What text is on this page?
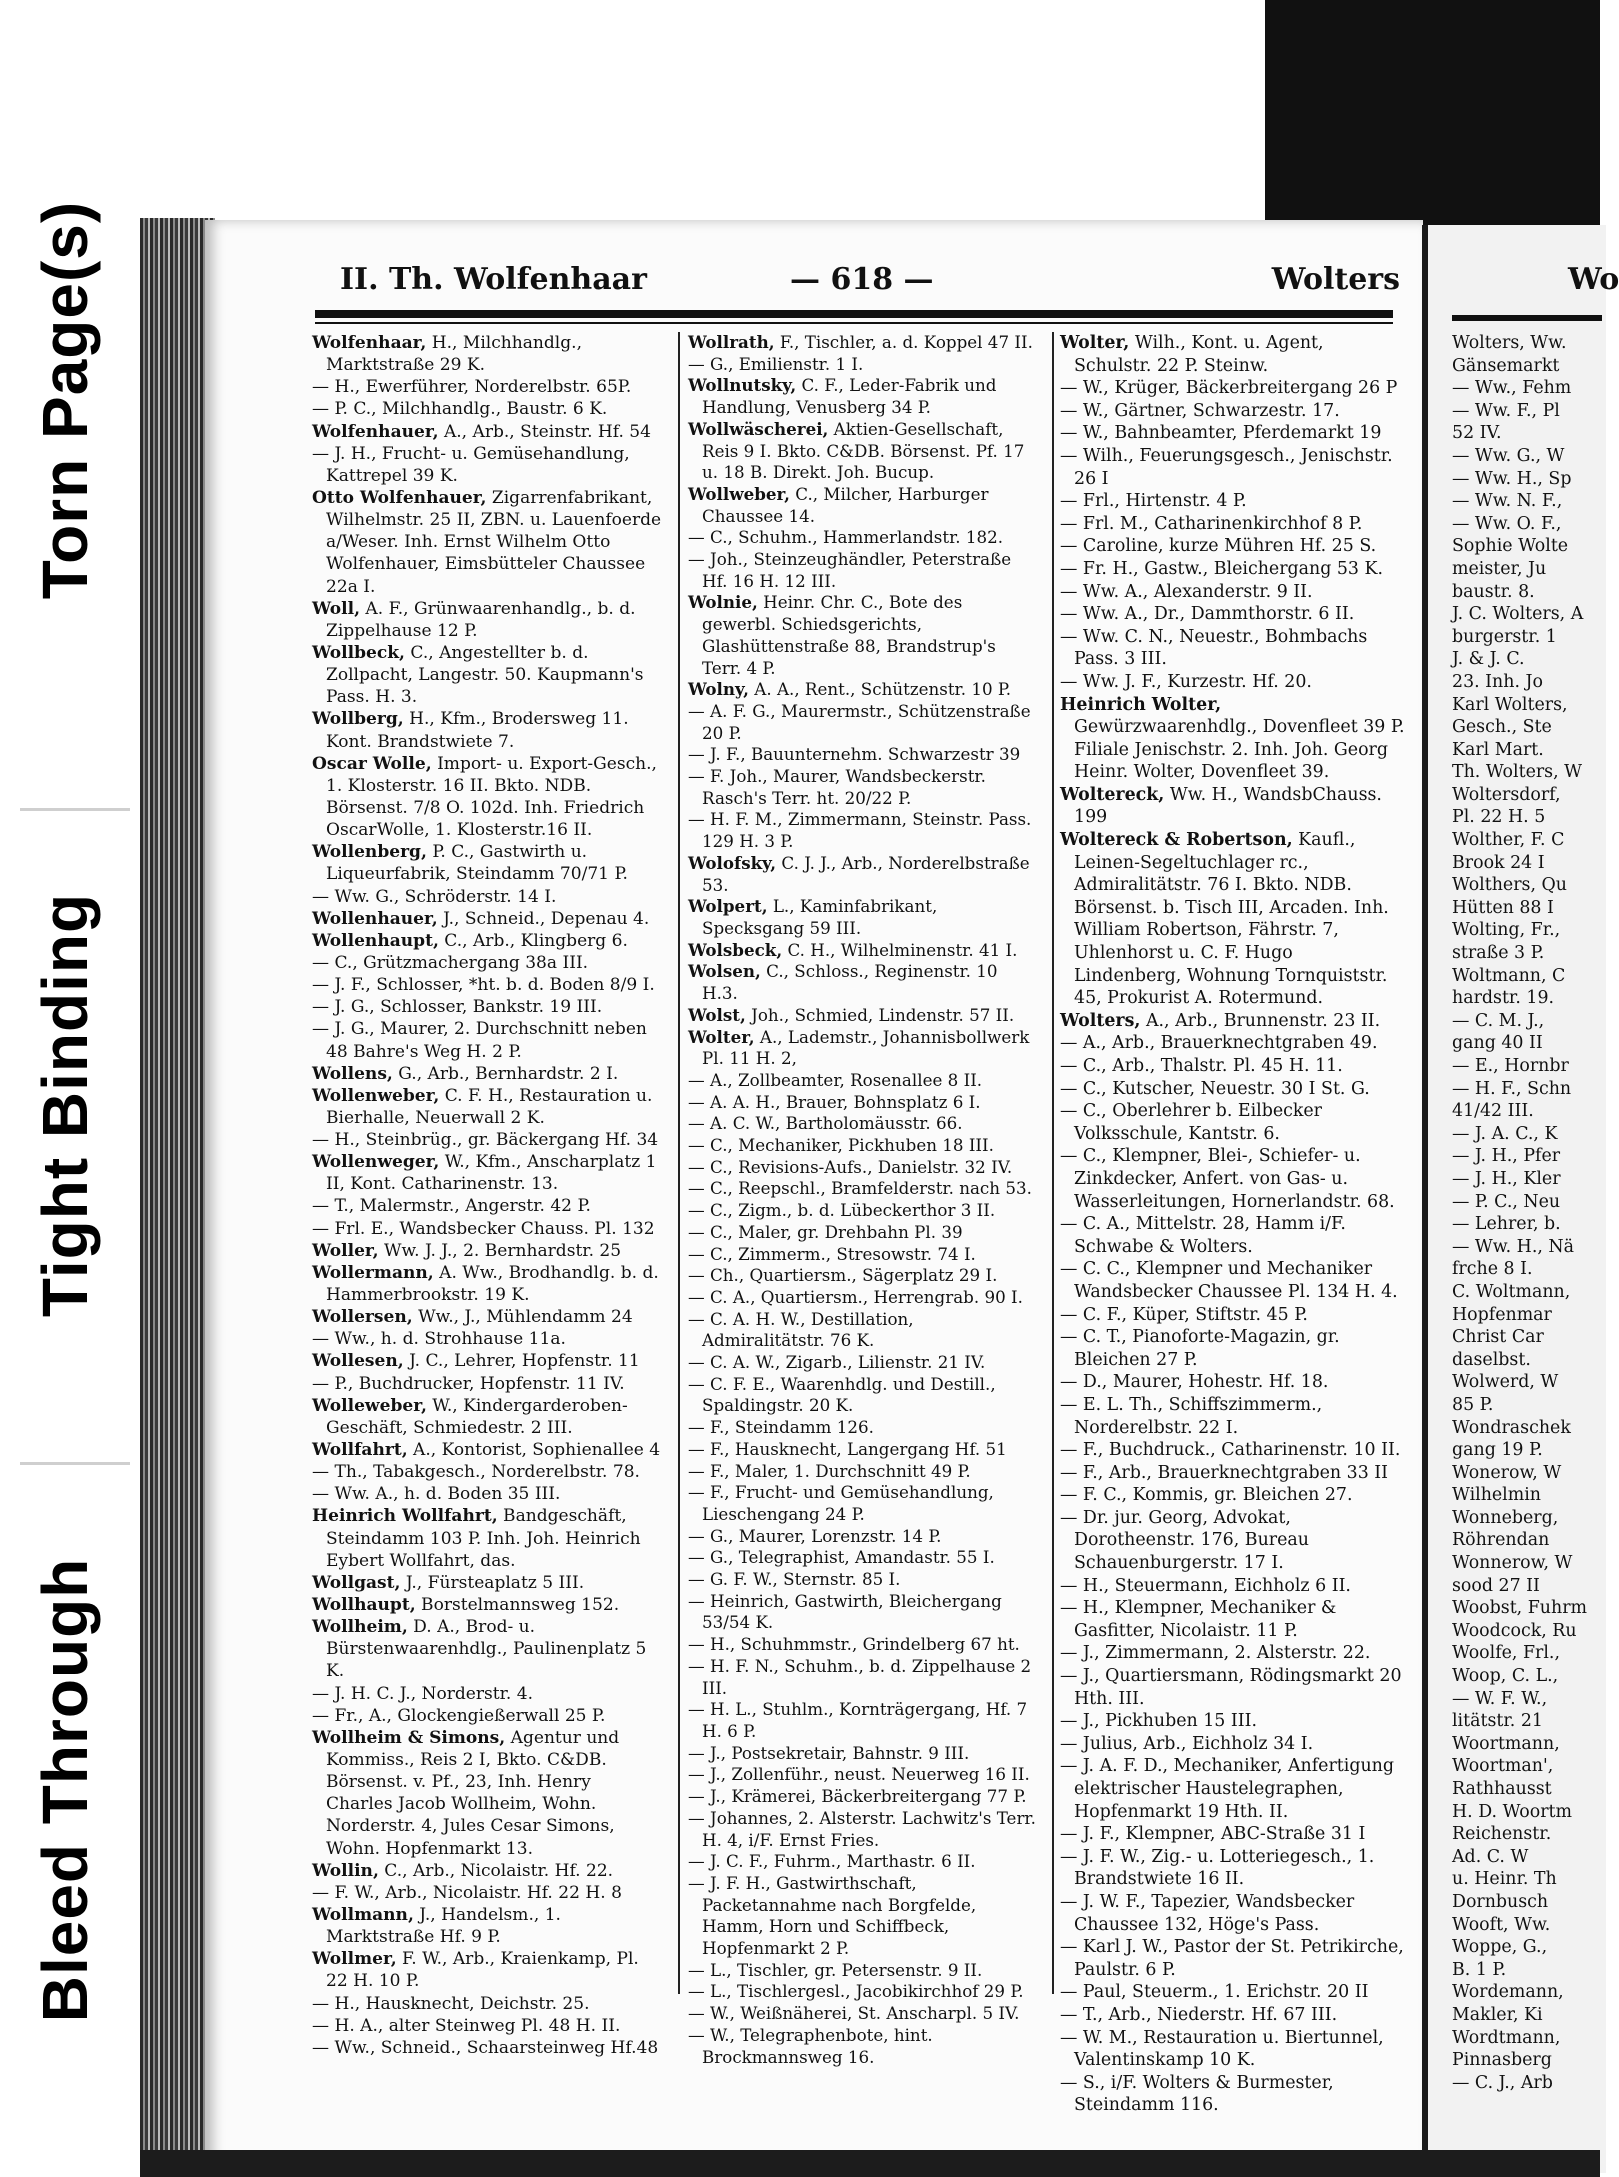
Torn Page(s)
Tight Binding
Bleed Through
II. Th. Wolfenhaar	— 618 —	Wolters

Wolfenhaar, H., Milchhandlg., Marktstraße 29 K.

— H., Ewerführer, Norderelbstr. 65P.

— P. C., Milchhandlg., Baustr. 6 K.

Wolfenhauer, A., Arb., Steinstr. Hf. 54

— J. H., Frucht- u. Gemüsehandlung, Kattrepel 39 K.

Otto Wolfenhauer, Zigarrenfabrikant, Wilhelmstr. 25 II, ZBN. u. Lauenfoerde a/Weser. Inh. Ernst Wilhelm Otto Wolfenhauer, Eimsbütteler Chaussee 22a I.

Woll, A. F., Grünwaarenhandlg., b. d. Zippelhause 12 P.

Wollbeck, C., Angestellter b. d. Zollpacht, Langestr. 50. Kaupmann's Pass. H. 3.

Wollberg, H., Kfm., Brodersweg 11. Kont. Brandstwiete 7.

Oscar Wolle, Import- u. Export-Gesch., 1. Klosterstr. 16 II. Bkto. NDB. Börsenst. 7/8 O. 102d. Inh. Friedrich OscarWolle, 1. Klosterstr.16 II.

Wollenberg, P. C., Gastwirth u. Liqueurfabrik, Steindamm 70/71 P.

— Ww. G., Schröderstr. 14 I.

Wollenhauer, J., Schneid., Depenau 4.

Wollenhaupt, C., Arb., Klingberg 6.

— C., Grützmachergang 38a III.

— J. F., Schlosser, *ht. b. d. Boden 8/9 I.

— J. G., Schlosser, Bankstr. 19 III.

— J. G., Maurer, 2. Durchschnitt neben 48 Bahre's Weg H. 2 P.

Wollens, G., Arb., Bernhardstr. 2 I.

Wollenweber, C. F. H., Restauration u. Bierhalle, Neuerwall 2 K.

— H., Steinbrüg., gr. Bäckergang Hf. 34

Wollenweger, W., Kfm., Anscharplatz 1 II, Kont. Catharinenstr. 13.

— T., Malermstr., Angerstr. 42 P.

— Frl. E., Wandsbecker Chauss. Pl. 132

Woller, Ww. J. J., 2. Bernhardstr. 25

Wollermann, A. Ww., Brodhandlg. b. d. Hammerbrookstr. 19 K.

Wollersen, Ww., J., Mühlendamm 24

— Ww., h. d. Strohhause 11a.

Wollesen, J. C., Lehrer, Hopfenstr. 11

— P., Buchdrucker, Hopfenstr. 11 IV.

Wolleweber, W., Kindergarderoben-Geschäft, Schmiedestr. 2 III.

Wollfahrt, A., Kontorist, Sophienallee 4

— Th., Tabakgesch., Norderelbstr. 78.

— Ww. A., h. d. Boden 35 III.

Heinrich Wollfahrt, Bandgeschäft, Steindamm 103 P. Inh. Joh. Heinrich Eybert Wollfahrt, das.

Wollgast, J., Fürsteaplatz 5 III.

Wollhaupt, Borstelmannsweg 152.

Wollheim, D. A., Brod- u. Bürstenwaarenhdlg., Paulinenplatz 5 K.

— J. H. C. J., Norderstr. 4.

— Fr., A., Glockengießerwall 25 P.

Wollheim & Simons, Agentur und Kommiss., Reis 2 I, Bkto. C&DB. Börsenst. v. Pf., 23, Inh. Henry Charles Jacob Wollheim, Wohn. Norderstr. 4, Jules Cesar Simons, Wohn. Hopfenmarkt 13.

Wollin, C., Arb., Nicolaistr. Hf. 22.

— F. W., Arb., Nicolaistr. Hf. 22 H. 8

Wollmann, J., Handelsm., 1. Marktstraße Hf. 9 P.

Wollmer, F. W., Arb., Kraienkamp, Pl. 22 H. 10 P.

— H., Hausknecht, Deichstr. 25.

— H. A., alter Steinweg Pl. 48 H. II.

— Ww., Schneid., Schaarsteinweg Hf.48

Wollrath, F., Tischler, a. d. Koppel 47 II.

— G., Emilienstr. 1 I.

Wollnutsky, C. F., Leder-Fabrik und Handlung, Venusberg 34 P.

Wollwäscherei, Aktien-Gesellschaft, Reis 9 I. Bkto. C&DB. Börsenst. Pf. 17 u. 18 B. Direkt. Joh. Bucup.

Wollweber, C., Milcher, Harburger Chaussee 14.

— C., Schuhm., Hammerlandstr. 182.

— Joh., Steinzeughändler, Peterstraße Hf. 16 H. 12 III.

Wolnie, Heinr. Chr. C., Bote des gewerbl. Schiedsgerichts, Glashüttenstraße 88, Brandstrup's Terr. 4 P.

Wolny, A. A., Rent., Schützenstr. 10 P.

— A. F. G., Maurermstr., Schützenstraße 20 P.

— J. F., Bauunternehm. Schwarzestr 39

— F. Joh., Maurer, Wandsbeckerstr. Rasch's Terr. ht. 20/22 P.

— H. F. M., Zimmermann, Steinstr. Pass. 129 H. 3 P.

Wolofsky, C. J. J., Arb., Norderelbstraße 53.

Wolpert, L., Kaminfabrikant, Specksgang 59 III.

Wolsbeck, C. H., Wilhelminenstr. 41 I.

Wolsen, C., Schloss., Reginenstr. 10 H.3.

Wolst, Joh., Schmied, Lindenstr. 57 II.

Wolter, A., Lademstr., Johannisbollwerk Pl. 11 H. 2,

— A., Zollbeamter, Rosenallee 8 II.

— A. A. H., Brauer, Bohnsplatz 6 I.

— A. C. W., Bartholomäusstr. 66.

— C., Mechaniker, Pickhuben 18 III.

— C., Revisions-Aufs., Danielstr. 32 IV.

— C., Reepschl., Bramfelderstr. nach 53.

— C., Zigm., b. d. Lübeckerthor 3 II.

— C., Maler, gr. Drehbahn Pl. 39

— C., Zimmerm., Stresowstr. 74 I.

— Ch., Quartiersm., Sägerplatz 29 I.

— C. A., Quartiersm., Herrengrab. 90 I.

— C. A. H. W., Destillation, Admiralitätstr. 76 K.

— C. A. W., Zigarb., Lilienstr. 21 IV.

— C. F. E., Waarenhdlg. und Destill., Spaldingstr. 20 K.

— F., Steindamm 126.

— F., Hausknecht, Langergang Hf. 51

— F., Maler, 1. Durchschnitt 49 P.

— F., Frucht- und Gemüsehandlung, Lieschengang 24 P.

— G., Maurer, Lorenzstr. 14 P.

— G., Telegraphist, Amandastr. 55 I.

— G. F. W., Sternstr. 85 I.

— Heinrich, Gastwirth, Bleichergang 53/54 K.

— H., Schuhmmstr., Grindelberg 67 ht.

— H. F. N., Schuhm., b. d. Zippelhause 2 III.

— H. L., Stuhlm., Kornträgergang, Hf. 7 H. 6 P.

— J., Postsekretair, Bahnstr. 9 III.

— J., Zollenführ., neust. Neuerweg 16 II.

— J., Krämerei, Bäckerbreitergang 77 P.

— Johannes, 2. Alsterstr. Lachwitz's Terr. H. 4, i/F. Ernst Fries.

— J. C. F., Fuhrm., Marthastr. 6 II.

— J. F. H., Gastwirthschaft, Packetannahme nach Borgfelde, Hamm, Horn und Schiffbeck, Hopfenmarkt 2 P.

— L., Tischler, gr. Petersenstr. 9 II.

— L., Tischlergesl., Jacobikirchhof 29 P.

— W., Weißnäherei, St. Anscharpl. 5 IV.

— W., Telegraphenbote, hint. Brockmannsweg 16.

Wolter, Wilh., Kont. u. Agent, Schulstr. 22 P. Steinw.

— W., Krüger, Bäckerbreitergang 26 P

— W., Gärtner, Schwarzestr. 17.

— W., Bahnbeamter, Pferdemarkt 19

— Wilh., Feuerungsgesch., Jenischstr. 26 I

— Frl., Hirtenstr. 4 P.

— Frl. M., Catharinenkirchhof 8 P.

— Caroline, kurze Mühren Hf. 25 S.

— Fr. H., Gastw., Bleichergang 53 K.

— Ww. A., Alexanderstr. 9 II.

— Ww. A., Dr., Dammthorstr. 6 II.

— Ww. C. N., Neuestr., Bohmbachs Pass. 3 III.

— Ww. J. F., Kurzestr. Hf. 20.

Heinrich Wolter, Gewürzwaarenhdlg., Dovenfleet 39 P. Filiale Jenischstr. 2. Inh. Joh. Georg Heinr. Wolter, Dovenfleet 39.

Woltereck, Ww. H., WandsbChauss. 199

Woltereck & Robertson, Kaufl., Leinen-Segeltuchlager rc., Admiralitätstr. 76 I. Bkto. NDB. Börsenst. b. Tisch III, Arcaden. Inh. William Robertson, Fährstr. 7, Uhlenhorst u. C. F. Hugo Lindenberg, Wohnung Tornquiststr. 45, Prokurist A. Rotermund.

Wolters, A., Arb., Brunnenstr. 23 II.

— A., Arb., Brauerknechtgraben 49.

— C., Arb., Thalstr. Pl. 45 H. 11.

— C., Kutscher, Neuestr. 30 I St. G.

— C., Oberlehrer b. Eilbecker Volksschule, Kantstr. 6.

— C., Klempner, Blei-, Schiefer- u. Zinkdecker, Anfert. von Gas- u. Wasserleitungen, Hornerlandstr. 68.

— C. A., Mittelstr. 28, Hamm i/F. Schwabe & Wolters.

— C. C., Klempner und Mechaniker Wandsbecker Chaussee Pl. 134 H. 4.

— C. F., Küper, Stiftstr. 45 P.

— C. T., Pianoforte-Magazin, gr. Bleichen 27 P.

— D., Maurer, Hohestr. Hf. 18.

— E. L. Th., Schiffszimmerm., Norderelbstr. 22 I.

— F., Buchdruck., Catharinenstr. 10 II.

— F., Arb., Brauerknechtgraben 33 II

— F. C., Kommis, gr. Bleichen 27.

— Dr. jur. Georg, Advokat, Dorotheenstr. 176, Bureau Schauenburgerstr. 17 I.

— H., Steuermann, Eichholz 6 II.

— H., Klempner, Mechaniker & Gasfitter, Nicolaistr. 11 P.

— J., Zimmermann, 2. Alsterstr. 22.

— J., Quartiersmann, Rödingsmarkt 20 Hth. III.

— J., Pickhuben 15 III.

— Julius, Arb., Eichholz 34 I.

— J. A. F. D., Mechaniker, Anfertigung elektrischer Haustelegraphen, Hopfenmarkt 19 Hth. II.

— J. F., Klempner, ABC-Straße 31 I

— J. F. W., Zig.- u. Lotteriegesch., 1. Brandstwiete 16 II.

— J. W. F., Tapezier, Wandsbecker Chaussee 132, Höge's Pass.

— Karl J. W., Pastor der St. Petrikirche, Paulstr. 6 P.

— Paul, Steuerm., 1. Erichstr. 20 II

— T., Arb., Niederstr. Hf. 67 III.

— W. M., Restauration u. Biertunnel, Valentinskamp 10 K.

— S., i/F. Wolters & Burmester, Steindamm 116.

Wo
Wolters, Ww.
Gänsemarkt
— Ww., Fehm
— Ww. F., Pl
52 IV.
— Ww. G., W
— Ww. H., Sp
— Ww. N. F.,
— Ww. O. F.,
Sophie Wolte
meister, Ju
baustr. 8.
J. C. Wolters, A
burgerstr. 1
J. & J. C.
23. Inh. Jo
Karl Wolters,
Gesch., Ste
Karl Mart.
Th. Wolters, W
Woltersdorf,
Pl. 22 H. 5
Wolther, F. C
Brook 24 I
Wolthers, Qu
Hütten 88 I
Wolting, Fr.,
straße 3 P.
Woltmann, C
hardstr. 19.
— C. M. J.,
gang 40 II
— E., Hornbr
— H. F., Schn
41/42 III.
— J. A. C., K
— J. H., Pfer
— J. H., Kler
— P. C., Neu
— Lehrer, b.
— Ww. H., Nä
frche 8 I.
C. Woltmann,
Hopfenmar
Christ Car
daselbst.
Wolwerd, W
85 P.
Wondraschek
gang 19 P.
Wonerow, W
Wilhelmin
Wonneberg,
Röhrendan
Wonnerow, W
sood 27 II
Woobst, Fuhrm
Woodcock, Ru
Woolfe, Frl.,
Woop, C. L.,
— W. F. W.,
litätstr. 21
Woortmann,
Woortman',
Rathhausst
H. D. Woortm
Reichenstr.
Ad. C. W
u. Heinr. Th
Dornbusch
Wooft, Ww.
Woppe, G.,
B. 1 P.
Wordemann,
Makler, Ki
Wordtmann,
Pinnasberg
— C. J., Arb
